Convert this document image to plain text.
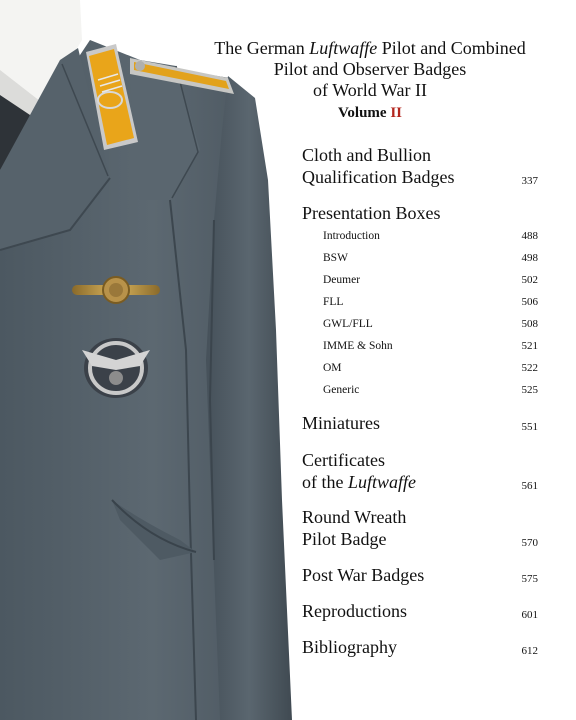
The German Luftwaffe Pilot and Combined
Pilot and Observer Badges
of World War II
Volume II
Cloth and Bullion
Qualification Badges	337
Presentation Boxes
Introduction	488
BSW	498
Deumer	502
FLL	506
GWL/FLL	508
IMME & Sohn	521
OM	522
Generic	525
Miniatures	551
Certificates
of the Luftwaffe	561
Round Wreath
Pilot Badge	570
Post War Badges	575
Reproductions	601
Bibliography	612
